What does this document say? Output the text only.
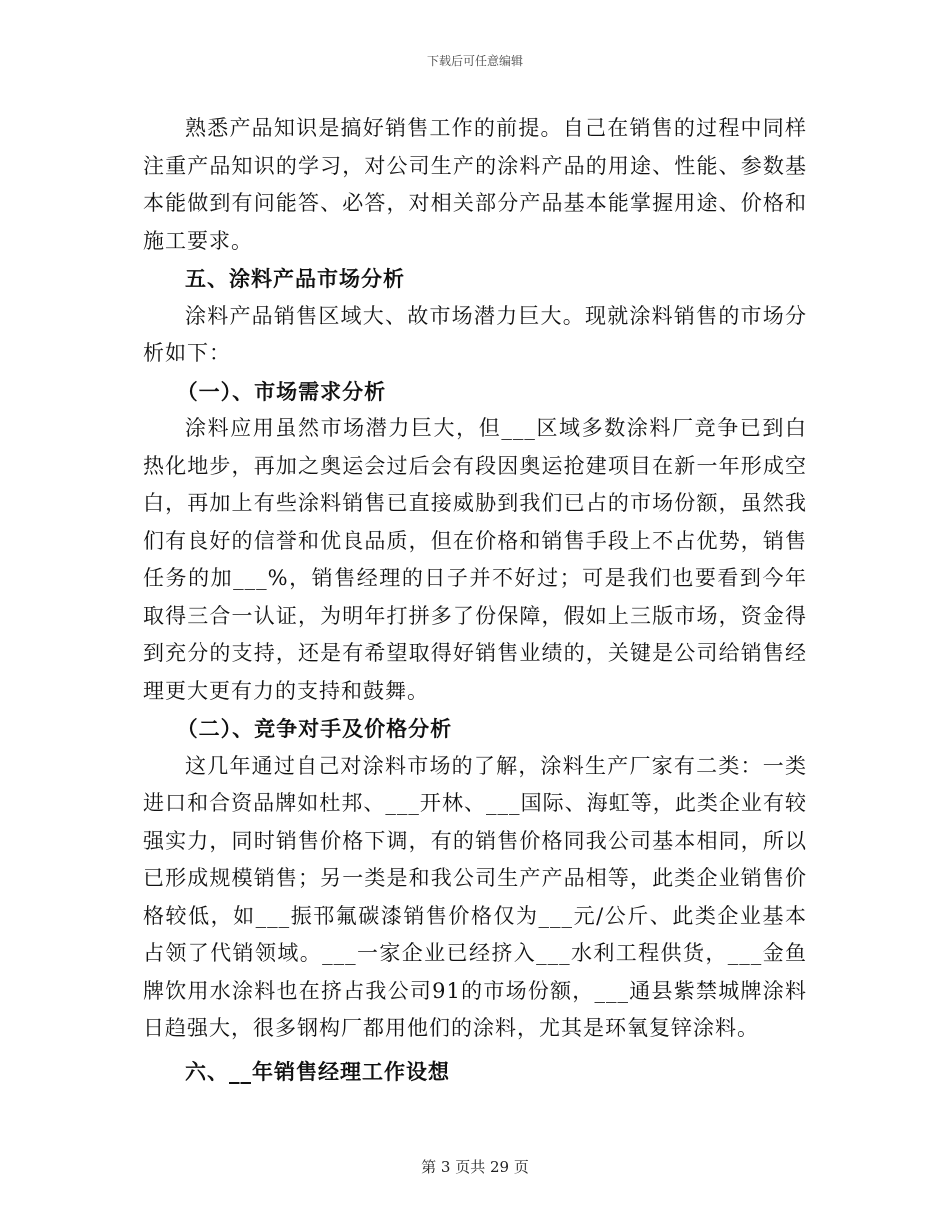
下载后可任意编辑

熟悉产品知识是搞好销售工作的前提。自己在销售的过程中同样注重产品知识的学习，对公司生产的涂料产品的用途、性能、参数基本能做到有问能答、必答，对相关部分产品基本能掌握用途、价格和施工要求。

五、涂料产品市场分析

涂料产品销售区域大、故市场潜力巨大。现就涂料销售的市场分析如下：

（一）、市场需求分析

涂料应用虽然市场潜力巨大，但___区域多数涂料厂竞争已到白热化地步，再加之奥运会过后会有段因奥运抢建项目在新一年形成空白，再加上有些涂料销售已直接威胁到我们已占的市场份额，虽然我们有良好的信誉和优良品质，但在价格和销售手段上不占优势，销售任务的加___%，销售经理的日子并不好过；可是我们也要看到今年取得三合一认证，为明年打拼多了份保障，假如上三版市场，资金得到充分的支持，还是有希望取得好销售业绩的，关键是公司给销售经理更大更有力的支持和鼓舞。

（二）、竞争对手及价格分析

这几年通过自己对涂料市场的了解，涂料生产厂家有二类：一类进口和合资品牌如杜邦、___开林、___国际、海虹等，此类企业有较强实力，同时销售价格下调，有的销售价格同我公司基本相同，所以已形成规模销售；另一类是和我公司生产产品相等，此类企业销售价格较低，如___振邗氟碳漆销售价格仅为___元/公斤、此类企业基本占领了代销领域。___一家企业已经挤入___水利工程供货，___金鱼牌饮用水涂料也在挤占我公司91的市场份额，___通县紫禁城牌涂料日趋强大，很多钢构厂都用他们的涂料，尤其是环氧复锌涂料。

六、__年销售经理工作设想

第 3 页共 29 页
